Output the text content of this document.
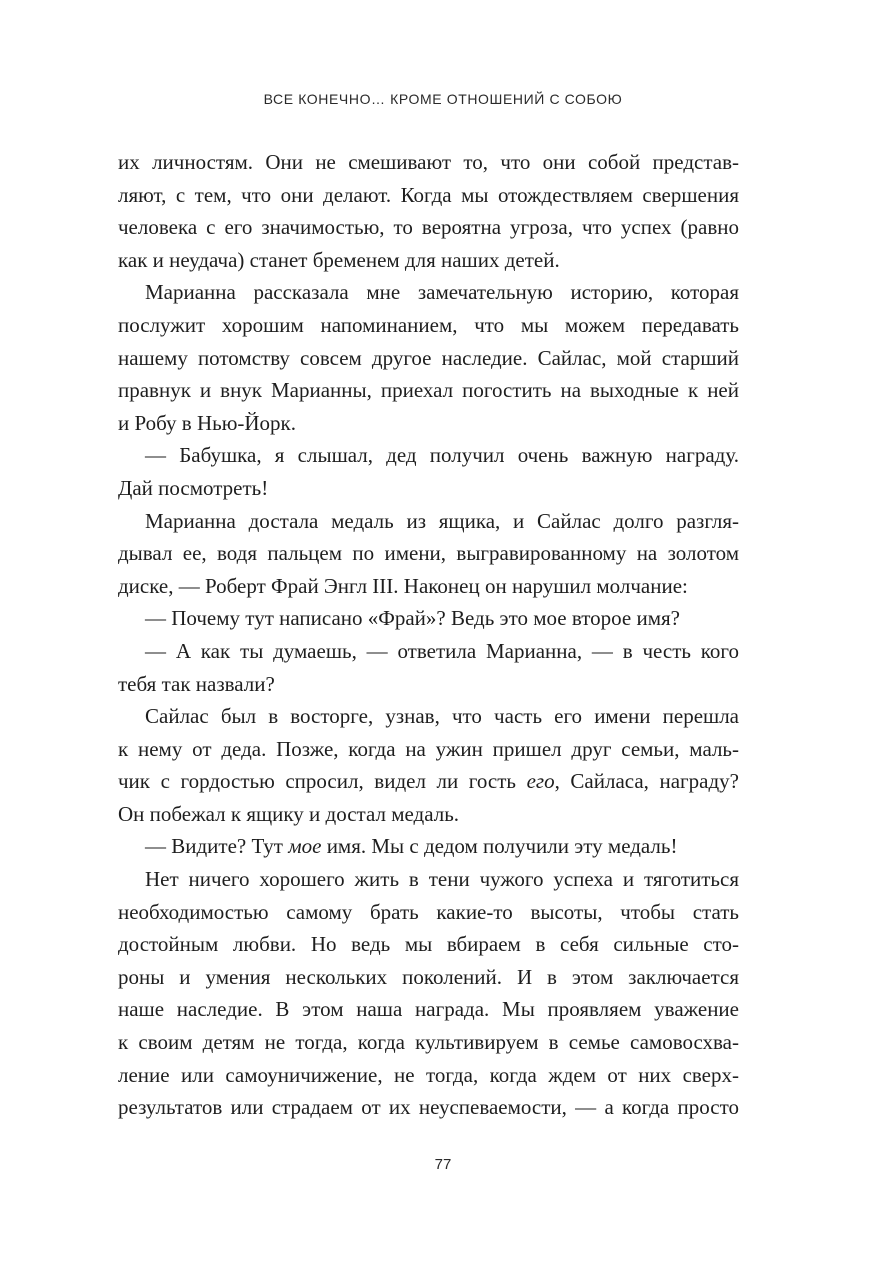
ВСЕ КОНЕЧНО… КРОМЕ ОТНОШЕНИЙ С СОБОЮ

их личностям. Они не смешивают то, что они собой представ-
ляют, с тем, что они делают. Когда мы отождествляем свершения
человека с его значимостью, то вероятна угроза, что успех (равно
как и неудача) станет бременем для наших детей.
Марианна рассказала мне замечательную историю, которая
послужит хорошим напоминанием, что мы можем передавать
нашему потомству совсем другое наследие. Сайлас, мой старший
правнук и внук Марианны, приехал погостить на выходные к ней
и Робу в Нью-Йорк.
— Бабушка, я слышал, дед получил очень важную награду.
Дай посмотреть!
Марианна достала медаль из ящика, и Сайлас долго разгля-
дывал ее, водя пальцем по имени, выгравированному на золотом
диске, — Роберт Фрай Энгл III. Наконец он нарушил молчание:
— Почему тут написано «Фрай»? Ведь это мое второе имя?
— А как ты думаешь, — ответила Марианна, — в честь кого
тебя так назвали?
Сайлас был в восторге, узнав, что часть его имени перешла
к нему от деда. Позже, когда на ужин пришел друг семьи, маль-
чик с гордостью спросил, видел ли гость его, Сайласа, награду?
Он побежал к ящику и достал медаль.
— Видите? Тут мое имя. Мы с дедом получили эту медаль!
Нет ничего хорошего жить в тени чужого успеха и тяготиться
необходимостью самому брать какие-то высоты, чтобы стать
достойным любви. Но ведь мы вбираем в себя сильные сто-
роны и умения нескольких поколений. И в этом заключается
наше наследие. В этом наша награда. Мы проявляем уважение
к своим детям не тогда, когда культивируем в семье самовосхва-
ление или самоуничижение, не тогда, когда ждем от них сверх-
результатов или страдаем от их неуспеваемости, — а когда просто
77
